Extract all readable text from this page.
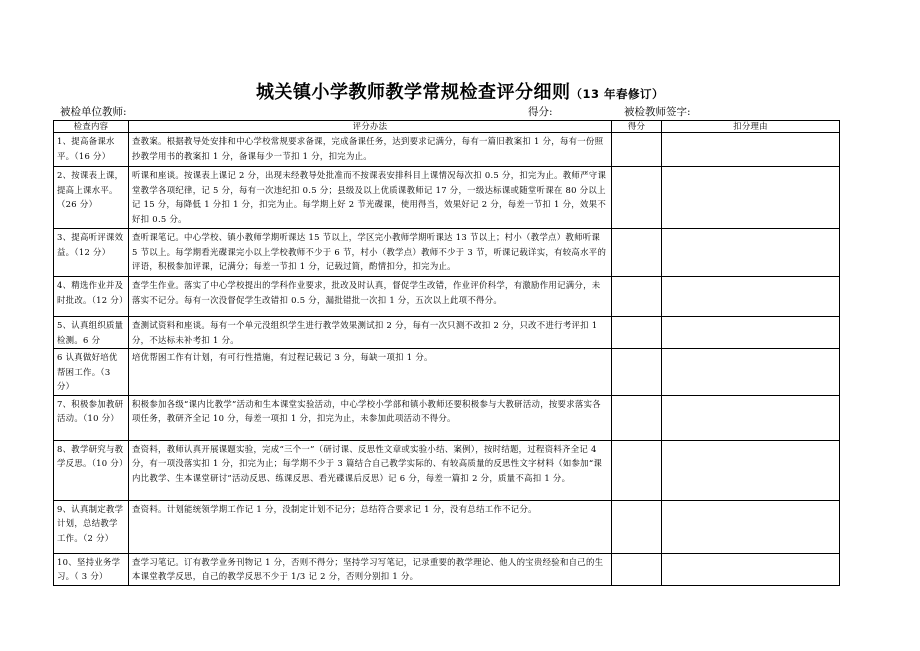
城关镇小学教师教学常规检查评分细则（13 年春修订）
被检单位教师:	得分:	被检教师签字:
检查内容	评分办法	得分	扣分理由
1、提高备课水平。（16 分）	查教案。根据教导处安排和中心学校常规要求备课，完成备课任务，达到要求记满分，每有一篇旧教案扣 1 分，每有一份照抄教学用书的教案扣 1 分，备课每少一节扣 1 分，扣完为止。		
2、按课表上课，提高上课水平。（26 分）	听课和座谈。按课表上课记 2 分，出现未经教导处批准而不按课表安排科目上课情况每次扣 0.5 分，扣完为止。教师严守课堂教学各项纪律，记 5 分，每有一次违纪扣 0.5 分；县级及以上优质课教师记 17 分，一级达标课或随堂听课在 80 分以上记 15 分，每降低 1 分扣 1 分，扣完为止。每学期上好 2 节光碟课，使用得当，效果好记 2 分，每差一节扣 1 分，效果不好扣 0.5 分。		
3、提高听评课效益。（12 分）	查听课笔记。中心学校、镇小教师学期听课达 15 节以上，学区完小教师学期听课达 13 节以上；村小（教学点）教师听课 5 节以上。每学期看光碟课完小以上学校教师不少于 6 节，村小（教学点）教师不少于 3 节，听课记载详实，有较高水平的评语，积极参加评课，记满分；每差一节扣 1 分，记载过简，酌情扣分，扣完为止。		
4、精选作业并及时批改。（12 分）	查学生作业。落实了中心学校提出的学科作业要求，批改及时认真，督促学生改错，作业评价科学，有激励作用记满分，未落实不记分。每有一次没督促学生改错扣 0.5 分，漏批错批一次扣 1 分，五次以上此项不得分。		
5、认真组织质量检测。6 分	查测试资料和座谈。每有一个单元没组织学生进行教学效果测试扣 2 分，每有一次只测不改扣 2 分，只改不进行考评扣 1 分，不达标未补考扣 1 分。		
6 认真做好培优帮困工作。（3 分）	培优帮困工作有计划，有可行性措施，有过程记载记 3 分，每缺一项扣 1 分。		
7、积极参加教研活动。（10 分）	积极参加各级“课内比教学”活动和生本课堂实验活动，中心学校小学部和镇小教师还要积极参与大教研活动，按要求落实各项任务，教研齐全记 10 分，每差一项扣 1 分，扣完为止，未参加此项活动不得分。		
8、教学研究与教学反思。（10 分）	查资料，教师认真开展课题实验，完成“三个一”（研讨课、反思性文章或实验小结、案例），按时结题，过程资料齐全记 4 分，有一项没落实扣 1 分，扣完为止；每学期不少于 3 篇结合自己教学实际的、有较高质量的反思性文字材料（如参加“课内比教学、生本课堂研讨”活动反思、练课反思、看光碟课后反思）记 6 分，每差一篇扣 2 分，质量不高扣 1 分。		
9、认真制定教学计划，总结教学工作。（2 分）	查资料。计划能统领学期工作记 1 分，没制定计划不记分；总结符合要求记 1 分，没有总结工作不记分。		
10、坚持业务学习。（ 3 分）	查学习笔记。订有教学业务刊物记 1 分，否则不得分；坚持学习写笔记，记录重要的教学理论、他人的宝贵经验和自己的生本课堂教学反思，自己的教学反思不少于 1/3 记 2 分，否则分别扣 1 分。		
